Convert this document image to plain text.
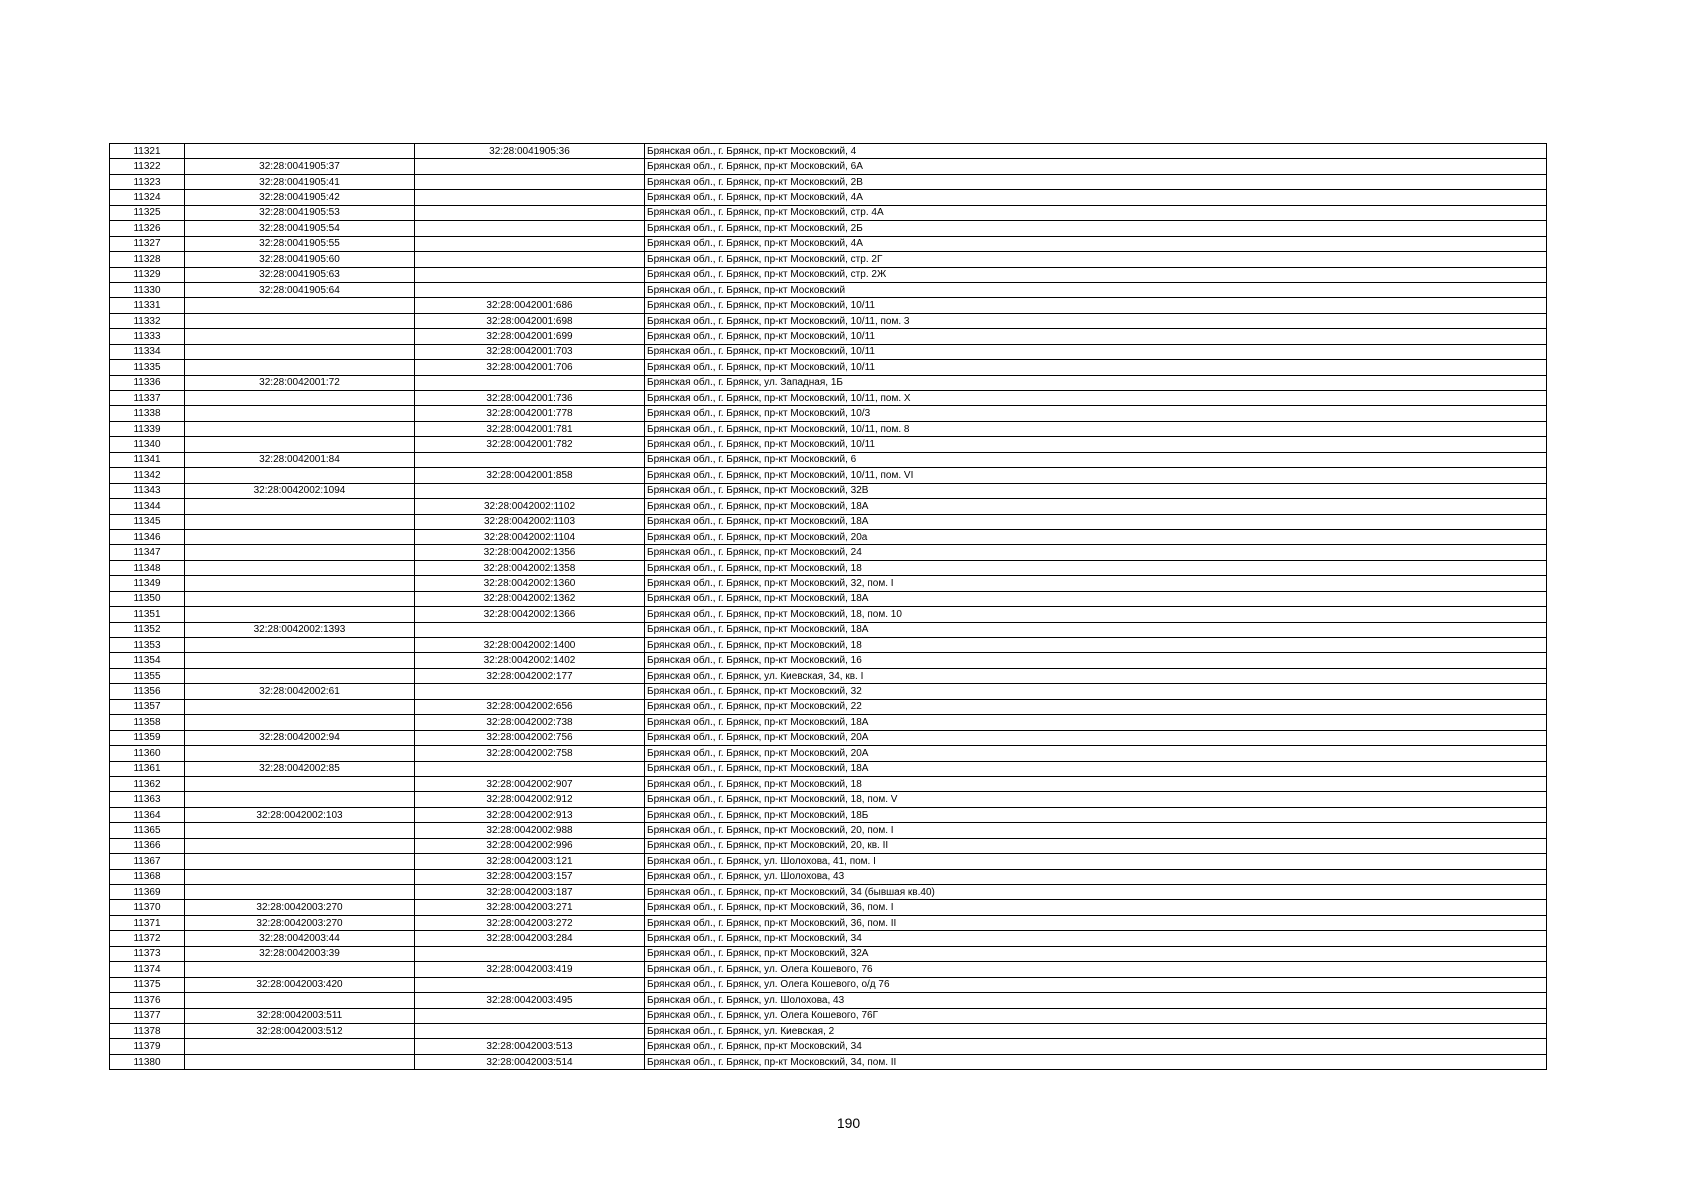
11321		32:28:0041905:36	Брянская обл., г. Брянск, пр-кт Московский, 4
11322	32:28:0041905:37		Брянская обл., г. Брянск, пр-кт Московский, 6А
11323	32:28:0041905:41		Брянская обл., г. Брянск, пр-кт Московский, 2В
11324	32:28:0041905:42		Брянская обл., г. Брянск, пр-кт Московский, 4А
11325	32:28:0041905:53		Брянская обл., г. Брянск, пр-кт Московский, стр. 4А
11326	32:28:0041905:54		Брянская обл., г. Брянск, пр-кт Московский, 2Б
11327	32:28:0041905:55		Брянская обл., г. Брянск, пр-кт Московский, 4А
11328	32:28:0041905:60		Брянская обл., г. Брянск, пр-кт Московский, стр. 2Г
11329	32:28:0041905:63		Брянская обл., г. Брянск, пр-кт Московский, стр. 2Ж
11330	32:28:0041905:64		Брянская обл., г. Брянск, пр-кт Московский
11331		32:28:0042001:686	Брянская обл., г. Брянск, пр-кт Московский, 10/11
11332		32:28:0042001:698	Брянская обл., г. Брянск, пр-кт Московский, 10/11, пом. 3
11333		32:28:0042001:699	Брянская обл., г. Брянск, пр-кт Московский, 10/11
11334		32:28:0042001:703	Брянская обл., г. Брянск, пр-кт Московский, 10/11
11335		32:28:0042001:706	Брянская обл., г. Брянск, пр-кт Московский, 10/11
11336	32:28:0042001:72		Брянская обл., г. Брянск, ул. Западная, 1Б
11337		32:28:0042001:736	Брянская обл., г. Брянск, пр-кт Московский, 10/11, пом. Х
11338		32:28:0042001:778	Брянская обл., г. Брянск, пр-кт Московский, 10/3
11339		32:28:0042001:781	Брянская обл., г. Брянск, пр-кт Московский, 10/11, пом. 8
11340		32:28:0042001:782	Брянская обл., г. Брянск, пр-кт Московский, 10/11
11341	32:28:0042001:84		Брянская обл., г. Брянск, пр-кт Московский, 6
11342		32:28:0042001:858	Брянская обл., г. Брянск, пр-кт Московский, 10/11, пом. VI
11343	32:28:0042002:1094		Брянская обл., г. Брянск, пр-кт Московский, 32В
11344		32:28:0042002:1102	Брянская обл., г. Брянск, пр-кт Московский, 18А
11345		32:28:0042002:1103	Брянская обл., г. Брянск, пр-кт Московский, 18А
11346		32:28:0042002:1104	Брянская обл., г. Брянск, пр-кт Московский, 20а
11347		32:28:0042002:1356	Брянская обл., г. Брянск, пр-кт Московский, 24
11348		32:28:0042002:1358	Брянская обл., г. Брянск, пр-кт Московский, 18
11349		32:28:0042002:1360	Брянская обл., г. Брянск, пр-кт Московский, 32, пом. I
11350		32:28:0042002:1362	Брянская обл., г. Брянск, пр-кт Московский, 18А
11351		32:28:0042002:1366	Брянская обл., г. Брянск, пр-кт Московский, 18, пом. 10
11352	32:28:0042002:1393		Брянская обл., г. Брянск, пр-кт Московский, 18А
11353		32:28:0042002:1400	Брянская обл., г. Брянск, пр-кт Московский, 18
11354		32:28:0042002:1402	Брянская обл., г. Брянск, пр-кт Московский, 16
11355		32:28:0042002:177	Брянская обл., г. Брянск, ул. Киевская, 34, кв. I
11356	32:28:0042002:61		Брянская обл., г. Брянск, пр-кт Московский, 32
11357		32:28:0042002:656	Брянская обл., г. Брянск, пр-кт Московский, 22
11358		32:28:0042002:738	Брянская обл., г. Брянск, пр-кт Московский, 18А
11359	32:28:0042002:94	32:28:0042002:756	Брянская обл., г. Брянск, пр-кт Московский, 20А
11360		32:28:0042002:758	Брянская обл., г. Брянск, пр-кт Московский, 20А
11361	32:28:0042002:85		Брянская обл., г. Брянск, пр-кт Московский, 18А
11362		32:28:0042002:907	Брянская обл., г. Брянск, пр-кт Московский, 18
11363		32:28:0042002:912	Брянская обл., г. Брянск, пр-кт Московский, 18, пом. V
11364	32:28:0042002:103	32:28:0042002:913	Брянская обл., г. Брянск, пр-кт Московский, 18Б
11365		32:28:0042002:988	Брянская обл., г. Брянск, пр-кт Московский, 20, пом. I
11366		32:28:0042002:996	Брянская обл., г. Брянск, пр-кт Московский, 20, кв. II
11367		32:28:0042003:121	Брянская обл., г. Брянск, ул. Шолохова, 41, пом. I
11368		32:28:0042003:157	Брянская обл., г. Брянск, ул. Шолохова, 43
11369		32:28:0042003:187	Брянская обл., г. Брянск, пр-кт Московский, 34 (бывшая кв.40)
11370	32:28:0042003:270	32:28:0042003:271	Брянская обл., г. Брянск, пр-кт Московский, 36, пом. I
11371	32:28:0042003:270	32:28:0042003:272	Брянская обл., г. Брянск, пр-кт Московский, 36, пом. II
11372	32:28:0042003:44	32:28:0042003:284	Брянская обл., г. Брянск, пр-кт Московский, 34
11373	32:28:0042003:39		Брянская обл., г. Брянск, пр-кт Московский, 32А
11374		32:28:0042003:419	Брянская обл., г. Брянск, ул. Олега Кошевого, 76
11375	32:28:0042003:420		Брянская обл., г. Брянск, ул. Олега Кошевого, о/д 76
11376		32:28:0042003:495	Брянская обл., г. Брянск, ул. Шолохова, 43
11377	32:28:0042003:511		Брянская обл., г. Брянск, ул. Олега Кошевого, 76Г
11378	32:28:0042003:512		Брянская обл., г. Брянск, ул. Киевская, 2
11379		32:28:0042003:513	Брянская обл., г. Брянск, пр-кт Московский, 34
11380		32:28:0042003:514	Брянская обл., г. Брянск, пр-кт Московский, 34, пом. II
190
